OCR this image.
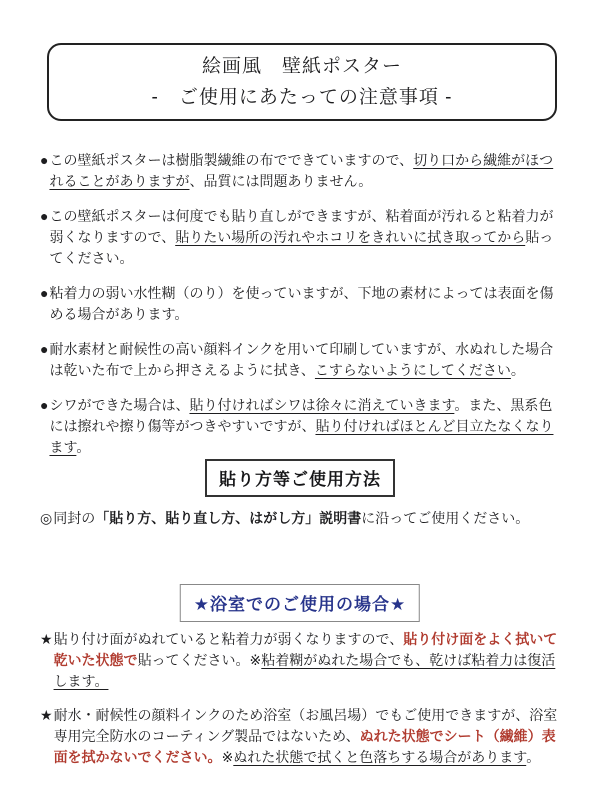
絵画風　壁紙ポスター
-　ご使用にあたっての注意事項 -
● この壁紙ポスターは樹脂製繊維の布でできていますので、切り口から繊維がほつれることがありますが、品質には問題ありません。
● この壁紙ポスターは何度でも貼り直しができますが、粘着面が汚れると粘着力が弱くなりますので、貼りたい場所の汚れやホコリをきれいに拭き取ってから貼ってください。
● 粘着力の弱い水性糊（のり）を使っていますが、下地の素材によっては表面を傷める場合があります。
● 耐水素材と耐候性の高い顔料インクを用いて印刷していますが、水ぬれした場合は乾いた布で上から押さえるように拭き、こすらないようにしてください。
● シワができた場合は、貼り付ければシワは徐々に消えていきます。また、黒系色には擦れや擦り傷等がつきやすいですが、貼り付ければほとんど目立たなくなります。
貼り方等ご使用方法
◎ 同封の「貼り方、貼り直し方、はがし方」説明書に沿ってご使用ください。
★浴室でのご使用の場合★
★ 貼り付け面がぬれていると粘着力が弱くなりますので、貼り付け面をよく拭いて乾いた状態で貼ってください。※粘着糊がぬれた場合でも、乾けば粘着力は復活します。
★ 耐水・耐候性の顔料インクのため浴室（お風呂場）でもご使用できますが、浴室専用完全防水のコーティング製品ではないため、ぬれた状態でシート（繊維）表面を拭かないでください。※ぬれた状態で拭くと色落ちする場合があります。
